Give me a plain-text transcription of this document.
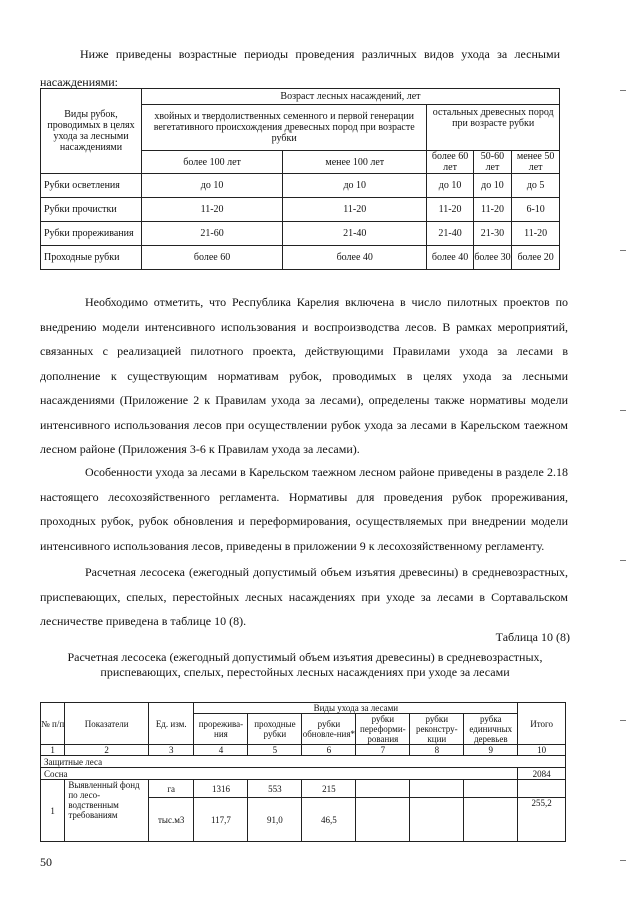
Ниже приведены возрастные периоды проведения различных видов ухода за лесными насаждениями:

Виды рубок, проводимых в целях ухода за лесными насаждениями	Возраст лесных насаждений, лет				
	хвойных и твердолиственных семенного и первой генерации вегетативного происхождения древесных пород при возрасте рубки		остальных древесных пород при возрасте рубки		
	более 100 лет	менее 100 лет	более 60 лет	50-60 лет	менее 50 лет
Рубки осветления	до 10	до 10	до 10	до 10	до 5
Рубки прочистки	11-20	11-20	11-20	11-20	6-10
Рубки прореживания	21-60	21-40	21-40	21-30	11-20
Проходные рубки	более 60	более 40	более 40	более 30	более 20

Необходимо отметить, что Республика Карелия включена в число пилотных проектов по внедрению модели интенсивного использования и воспроизводства лесов. В рамках мероприятий, связанных с реализацией пилотного проекта, действующими Правилами ухода за лесами в дополнение к существующим нормативам рубок, проводимых в целях ухода за лесными насаждениями (Приложение 2 к Правилам ухода за лесами), определены также нормативы модели интенсивного использования лесов при осуществлении рубок ухода за лесами в Карельском таежном лесном районе (Приложения 3-6 к Правилам ухода за лесами).

Особенности ухода за лесами в Карельском таежном лесном районе приведены в разделе 2.18 настоящего лесохозяйственного регламента. Нормативы для проведения рубок прореживания, проходных рубок, рубок обновления и переформирования, осуществляемых при внедрении модели интенсивного использования лесов, приведены в приложении 9 к лесохозяйственному регламенту.

Расчетная лесосека (ежегодный допустимый объем изъятия древесины) в средневозрастных, приспевающих, спелых, перестойных лесных насаждениях при уходе за лесами в Сортавальском лесничестве приведена в таблице 10 (8).

Таблица 10 (8)
Расчетная лесосека (ежегодный допустимый объем изъятия древесины) в средневозрастных, приспевающих, спелых, перестойных лесных насаждениях при уходе за лесами
№ п/п	Показатели	Ед. изм.	Виды ухода за лесами						Итого
			прорежива-ния	проходные рубки	рубки обновле-ния*	рубки переформи-рования	рубки реконстру-кции	рубка единичных деревьев	
1	2	3	4	5	6	7	8	9	10
Защитные леса									
Сосна									2084
1	Выявленный фонд по лесо-водственным требованиям	га	1316	553	215				
		тыс.м3	117,7	91,0	46,5				255,2
50
